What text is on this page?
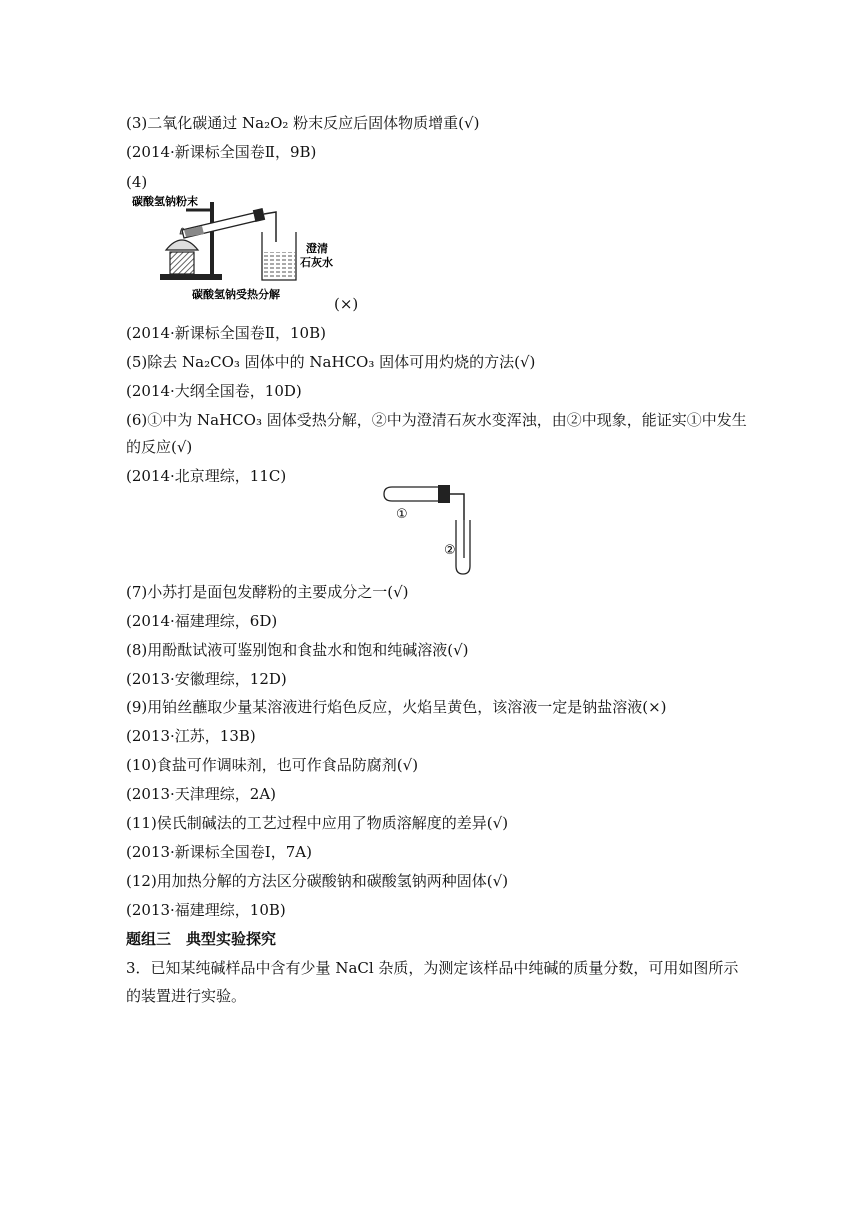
(3)二氧化碳通过 Na₂O₂ 粉末反应后固体物质增重(√)
(2014·新课标全国卷Ⅱ，9B)
(4)
碳酸氢钠粉末
澄清
石灰水
碳酸氢钠受热分解
(×)
(2014·新课标全国卷Ⅱ，10B)
(5)除去 Na₂CO₃ 固体中的 NaHCO₃ 固体可用灼烧的方法(√)
(2014·大纲全国卷，10D)
(6)①中为 NaHCO₃ 固体受热分解，②中为澄清石灰水变浑浊，由②中现象，能证实①中发生
的反应(√)
(2014·北京理综，11C)
①
②
(7)小苏打是面包发酵粉的主要成分之一(√)
(2014·福建理综，6D)
(8)用酚酞试液可鉴别饱和食盐水和饱和纯碱溶液(√)
(2013·安徽理综，12D)
(9)用铂丝蘸取少量某溶液进行焰色反应，火焰呈黄色，该溶液一定是钠盐溶液(×)
(2013·江苏，13B)
(10)食盐可作调味剂，也可作食品防腐剂(√)
(2013·天津理综，2A)
(11)侯氏制碱法的工艺过程中应用了物质溶解度的差异(√)
(2013·新课标全国卷Ⅰ，7A)
(12)用加热分解的方法区分碳酸钠和碳酸氢钠两种固体(√)
(2013·福建理综，10B)
题组三　典型实验探究
3．已知某纯碱样品中含有少量 NaCl 杂质，为测定该样品中纯碱的质量分数，可用如图所示
的装置进行实验。
